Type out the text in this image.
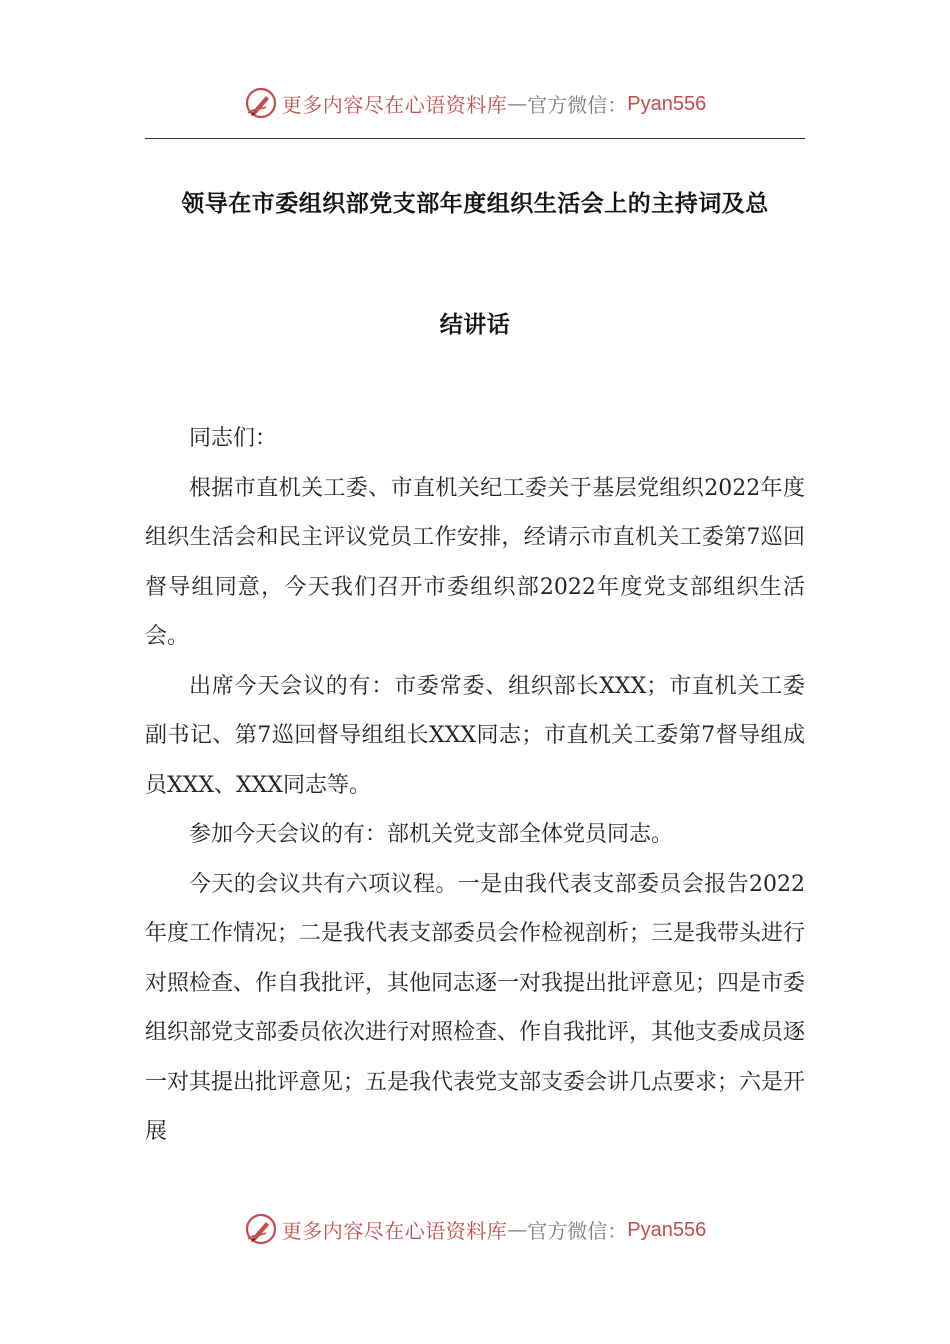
更多内容尽在心语资料库 — 官方微信： Pyan556
领导在市委组织部党支部年度组织生活会上的主持词及总
结讲话

同志们：

根据市直机关工委、市直机关纪工委关于基层党组织2022年度组织生活会和民主评议党员工作安排，经请示市直机关工委第7巡回督导组同意，今天我们召开市委组织部2022年度党支部组织生活会。

出席今天会议的有：市委常委、组织部长XXX；市直机关工委副书记、第7巡回督导组组长XXX同志；市直机关工委第7督导组成员XXX、XXX同志等。

参加今天会议的有：部机关党支部全体党员同志。

今天的会议共有六项议程。一是由我代表支部委员会报告2022年度工作情况；二是我代表支部委员会作检视剖析；三是我带头进行对照检查、作自我批评，其他同志逐一对我提出批评意见；四是市委组织部党支部委员依次进行对照检查、作自我批评，其他支委成员逐一对其提出批评意见；五是我代表党支部支委会讲几点要求；六是开展

更多内容尽在心语资料库 — 官方微信： Pyan556
